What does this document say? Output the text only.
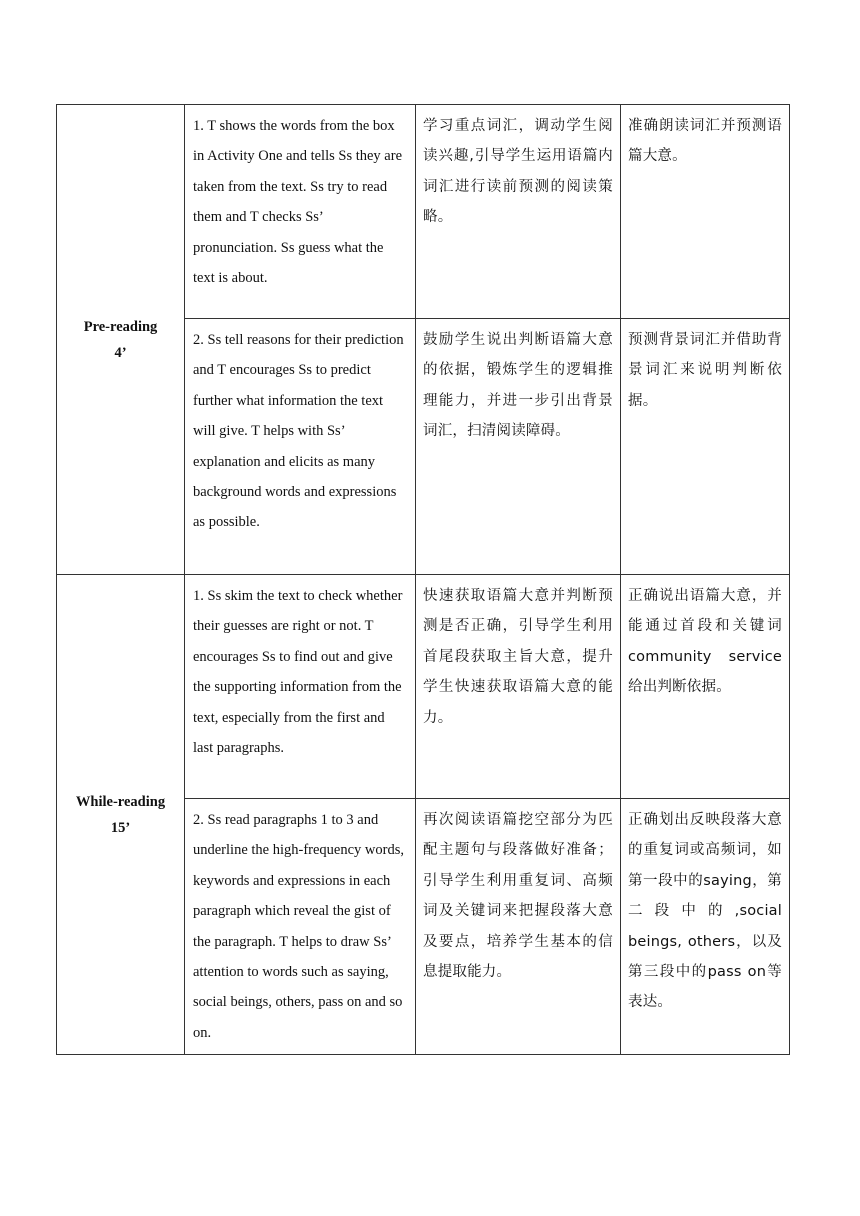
Pre-reading
4’	1. T shows the words from the box in Activity One and tells Ss they are taken from the text. Ss try to read them and T checks Ss’ pronunciation. Ss guess what the text is about.	学习重点词汇，调动学生阅读兴趣,引导学生运用语篇内词汇进行读前预测的阅读策略。	准确朗读词汇并预测语篇大意。
	2. Ss tell reasons for their prediction and T encourages Ss to predict further what information the text will give. T helps with Ss’ explanation and elicits as many background words and expressions as possible.	鼓励学生说出判断语篇大意的依据，锻炼学生的逻辑推理能力，并进一步引出背景词汇，扫清阅读障碍。	预测背景词汇并借助背景词汇来说明判断依据。

While-reading
15’	1. Ss skim the text to check whether their guesses are right or not. T encourages Ss to find out and give the supporting information from the text, especially from the first and last paragraphs.	快速获取语篇大意并判断预测是否正确，引导学生利用首尾段获取主旨大意，提升学生快速获取语篇大意的能力。	正确说出语篇大意，并能通过首段和关键词community service给出判断依据。
	2. Ss read paragraphs 1 to 3 and underline the high-frequency words, keywords and expressions in each paragraph which reveal the gist of the paragraph. T helps to draw Ss’ attention to words such as saying, social beings, others, pass on and so on.	再次阅读语篇挖空部分为匹配主题句与段落做好准备；引导学生利用重复词、高频词及关键词来把握段落大意及要点，培养学生基本的信息提取能力。	正确划出反映段落大意的重复词或高频词，如第一段中的saying，第二段中的,social beings, others，以及第三段中的pass on等表达。
